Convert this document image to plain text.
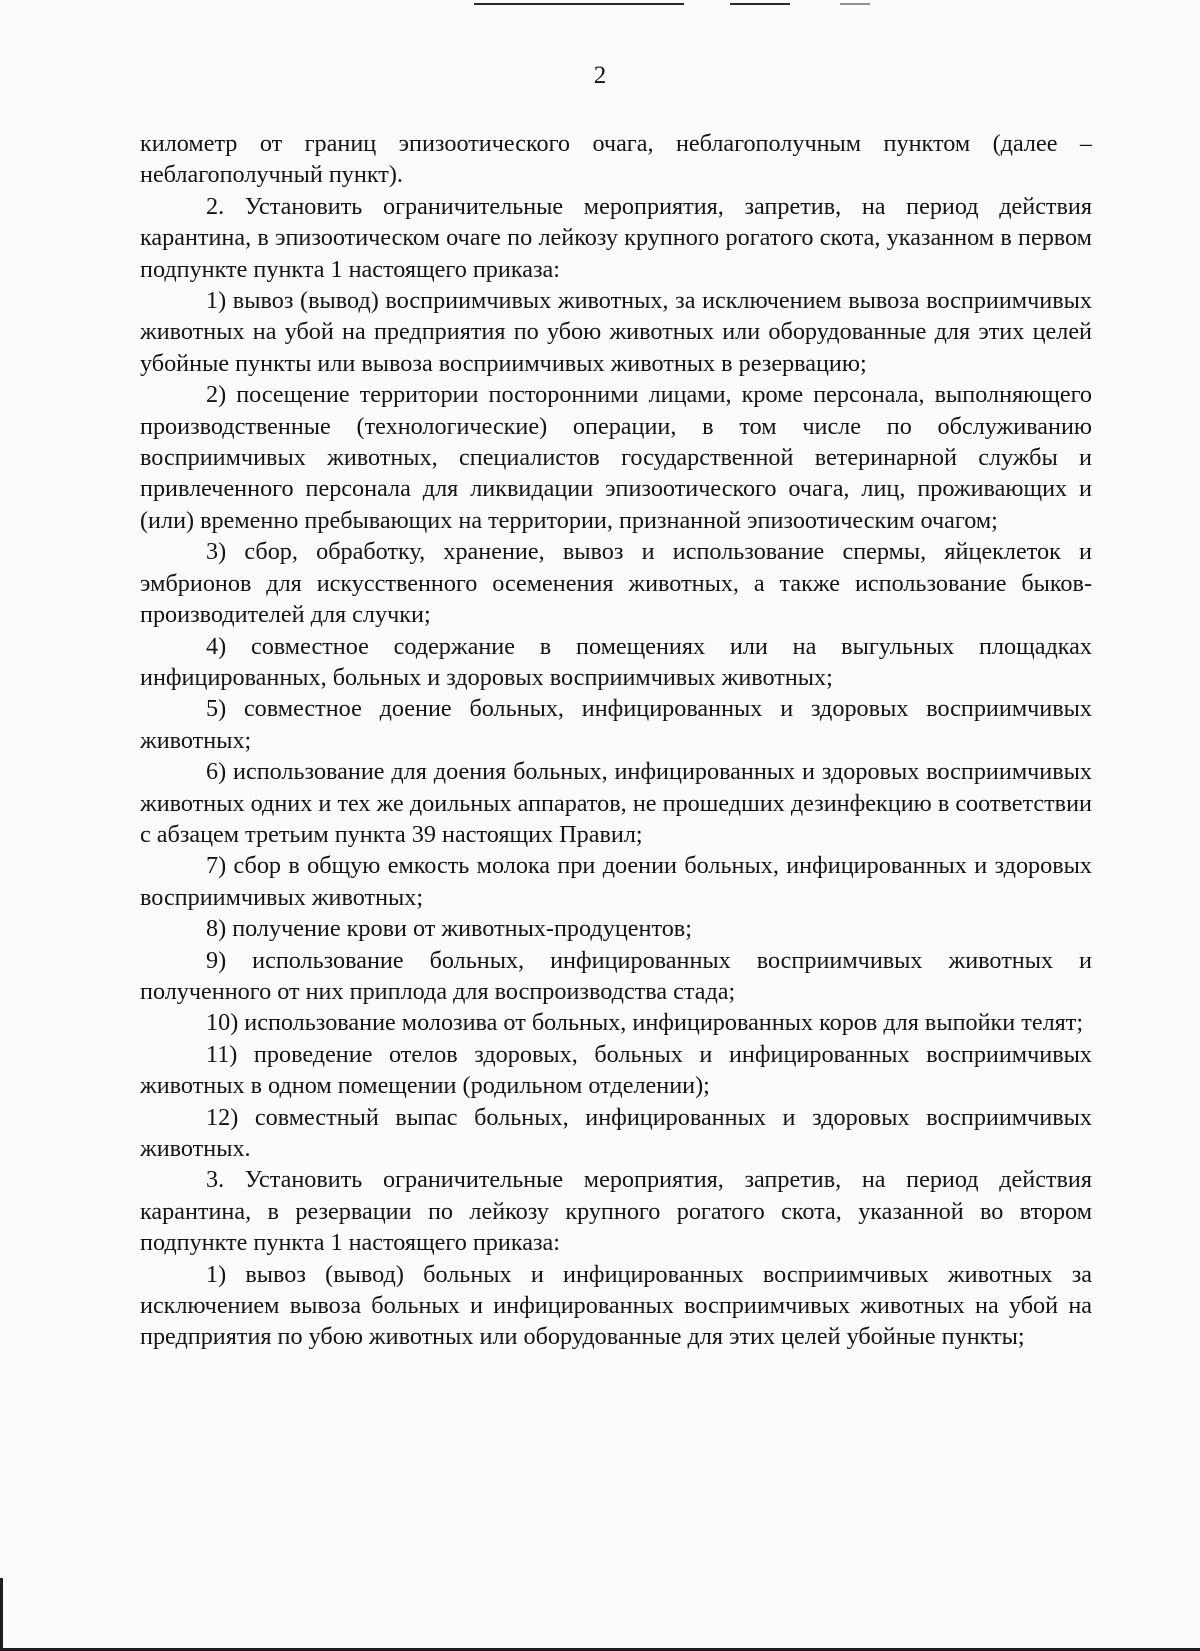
2

километр от границ эпизоотического очага, неблагополучным пунктом (далее – неблагополучный пункт).

2. Установить ограничительные мероприятия, запретив, на период действия карантина, в эпизоотическом очаге по лейкозу крупного рогатого скота, указанном в первом подпункте пункта 1 настоящего приказа:

1) вывоз (вывод) восприимчивых животных, за исключением вывоза восприимчивых животных на убой на предприятия по убою животных или оборудованные для этих целей убойные пункты или вывоза восприимчивых животных в резервацию;

2) посещение территории посторонними лицами, кроме персонала, выполняющего производственные (технологические) операции, в том числе по обслуживанию восприимчивых животных, специалистов государственной ветеринарной службы и привлеченного персонала для ликвидации эпизоотического очага, лиц, проживающих и (или) временно пребывающих на территории, признанной эпизоотическим очагом;

3) сбор, обработку, хранение, вывоз и использование спермы, яйцеклеток и эмбрионов для искусственного осеменения животных, а также использование быков-производителей для случки;

4) совместное содержание в помещениях или на выгульных площадках инфицированных, больных и здоровых восприимчивых животных;

5) совместное доение больных, инфицированных и здоровых восприимчивых животных;

6) использование для доения больных, инфицированных и здоровых восприимчивых животных одних и тех же доильных аппаратов, не прошедших дезинфекцию в соответствии с абзацем третьим пункта 39 настоящих Правил;

7) сбор в общую емкость молока при доении больных, инфицированных и здоровых восприимчивых животных;

8) получение крови от животных-продуцентов;

9) использование больных, инфицированных восприимчивых животных и полученного от них приплода для воспроизводства стада;

10) использование молозива от больных, инфицированных коров для выпойки телят;

11) проведение отелов здоровых, больных и инфицированных восприимчивых животных в одном помещении (родильном отделении);

12) совместный выпас больных, инфицированных и здоровых восприимчивых животных.

3. Установить ограничительные мероприятия, запретив, на период действия карантина, в резервации по лейкозу крупного рогатого скота, указанной во втором подпункте пункта 1 настоящего приказа:

1) вывоз (вывод) больных и инфицированных восприимчивых животных за исключением вывоза больных и инфицированных восприимчивых животных на убой на предприятия по убою животных или оборудованные для этих целей убойные пункты;
